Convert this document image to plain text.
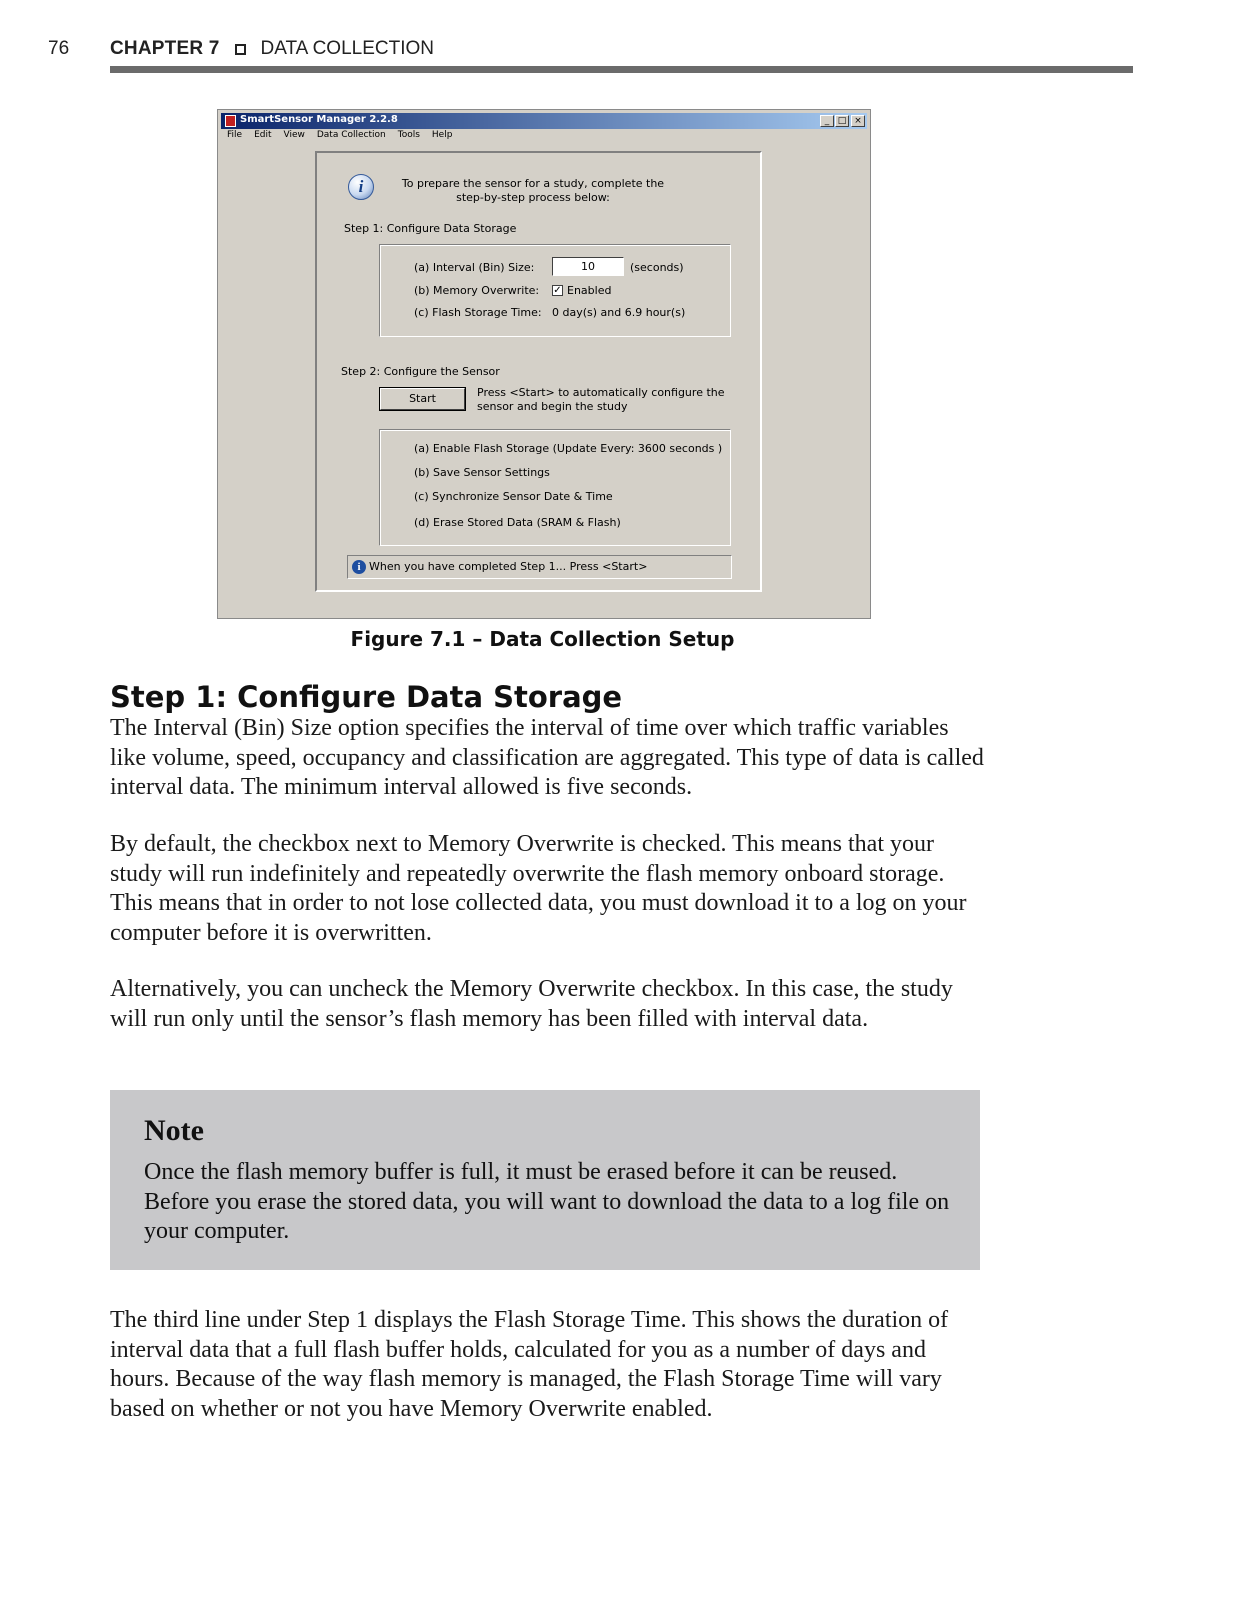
76 CHAPTER 7 DATA COLLECTION
SmartSensor Manager 2.2.8	_ □ ×
File	Edit	View	Data Collection	Tools	Help
i	To prepare the sensor for a study, complete the
step-by-step process below:
Step 1: Configure Data Storage
(a) Interval (Bin) Size:	10	(seconds)
(b) Memory Overwrite: ✓ Enabled
(c) Flash Storage Time: 0 day(s) and 6.9 hour(s)
Step 2: Configure the Sensor
Start	Press <Start> to automatically configure the
sensor and begin the study
(a) Enable Flash Storage (Update Every: 3600 seconds )
(b) Save Sensor Settings
(c) Synchronize Sensor Date & Time
(d) Erase Stored Data (SRAM & Flash)
i When you have completed Step 1... Press <Start>
Figure 7.1 – Data Collection Setup
Step 1: Configure Data Storage
The Interval (Bin) Size option specifies the interval of time over which traffic variables like volume, speed, occupancy and classification are aggregated. This type of data is called interval data. The minimum interval allowed is five seconds.
By default, the checkbox next to Memory Overwrite is checked. This means that your study will run indefinitely and repeatedly overwrite the flash memory onboard storage. This means that in order to not lose collected data, you must download it to a log on your computer before it is overwritten.
Alternatively, you can uncheck the Memory Overwrite checkbox. In this case, the study will run only until the sensor’s flash memory has been filled with interval data.
Note
Once the flash memory buffer is full, it must be erased before it can be reused. Before you erase the stored data, you will want to download the data to a log file on your computer.
The third line under Step 1 displays the Flash Storage Time. This shows the duration of interval data that a full flash buffer holds, calculated for you as a number of days and hours. Because of the way flash memory is managed, the Flash Storage Time will vary based on whether or not you have Memory Overwrite enabled.
